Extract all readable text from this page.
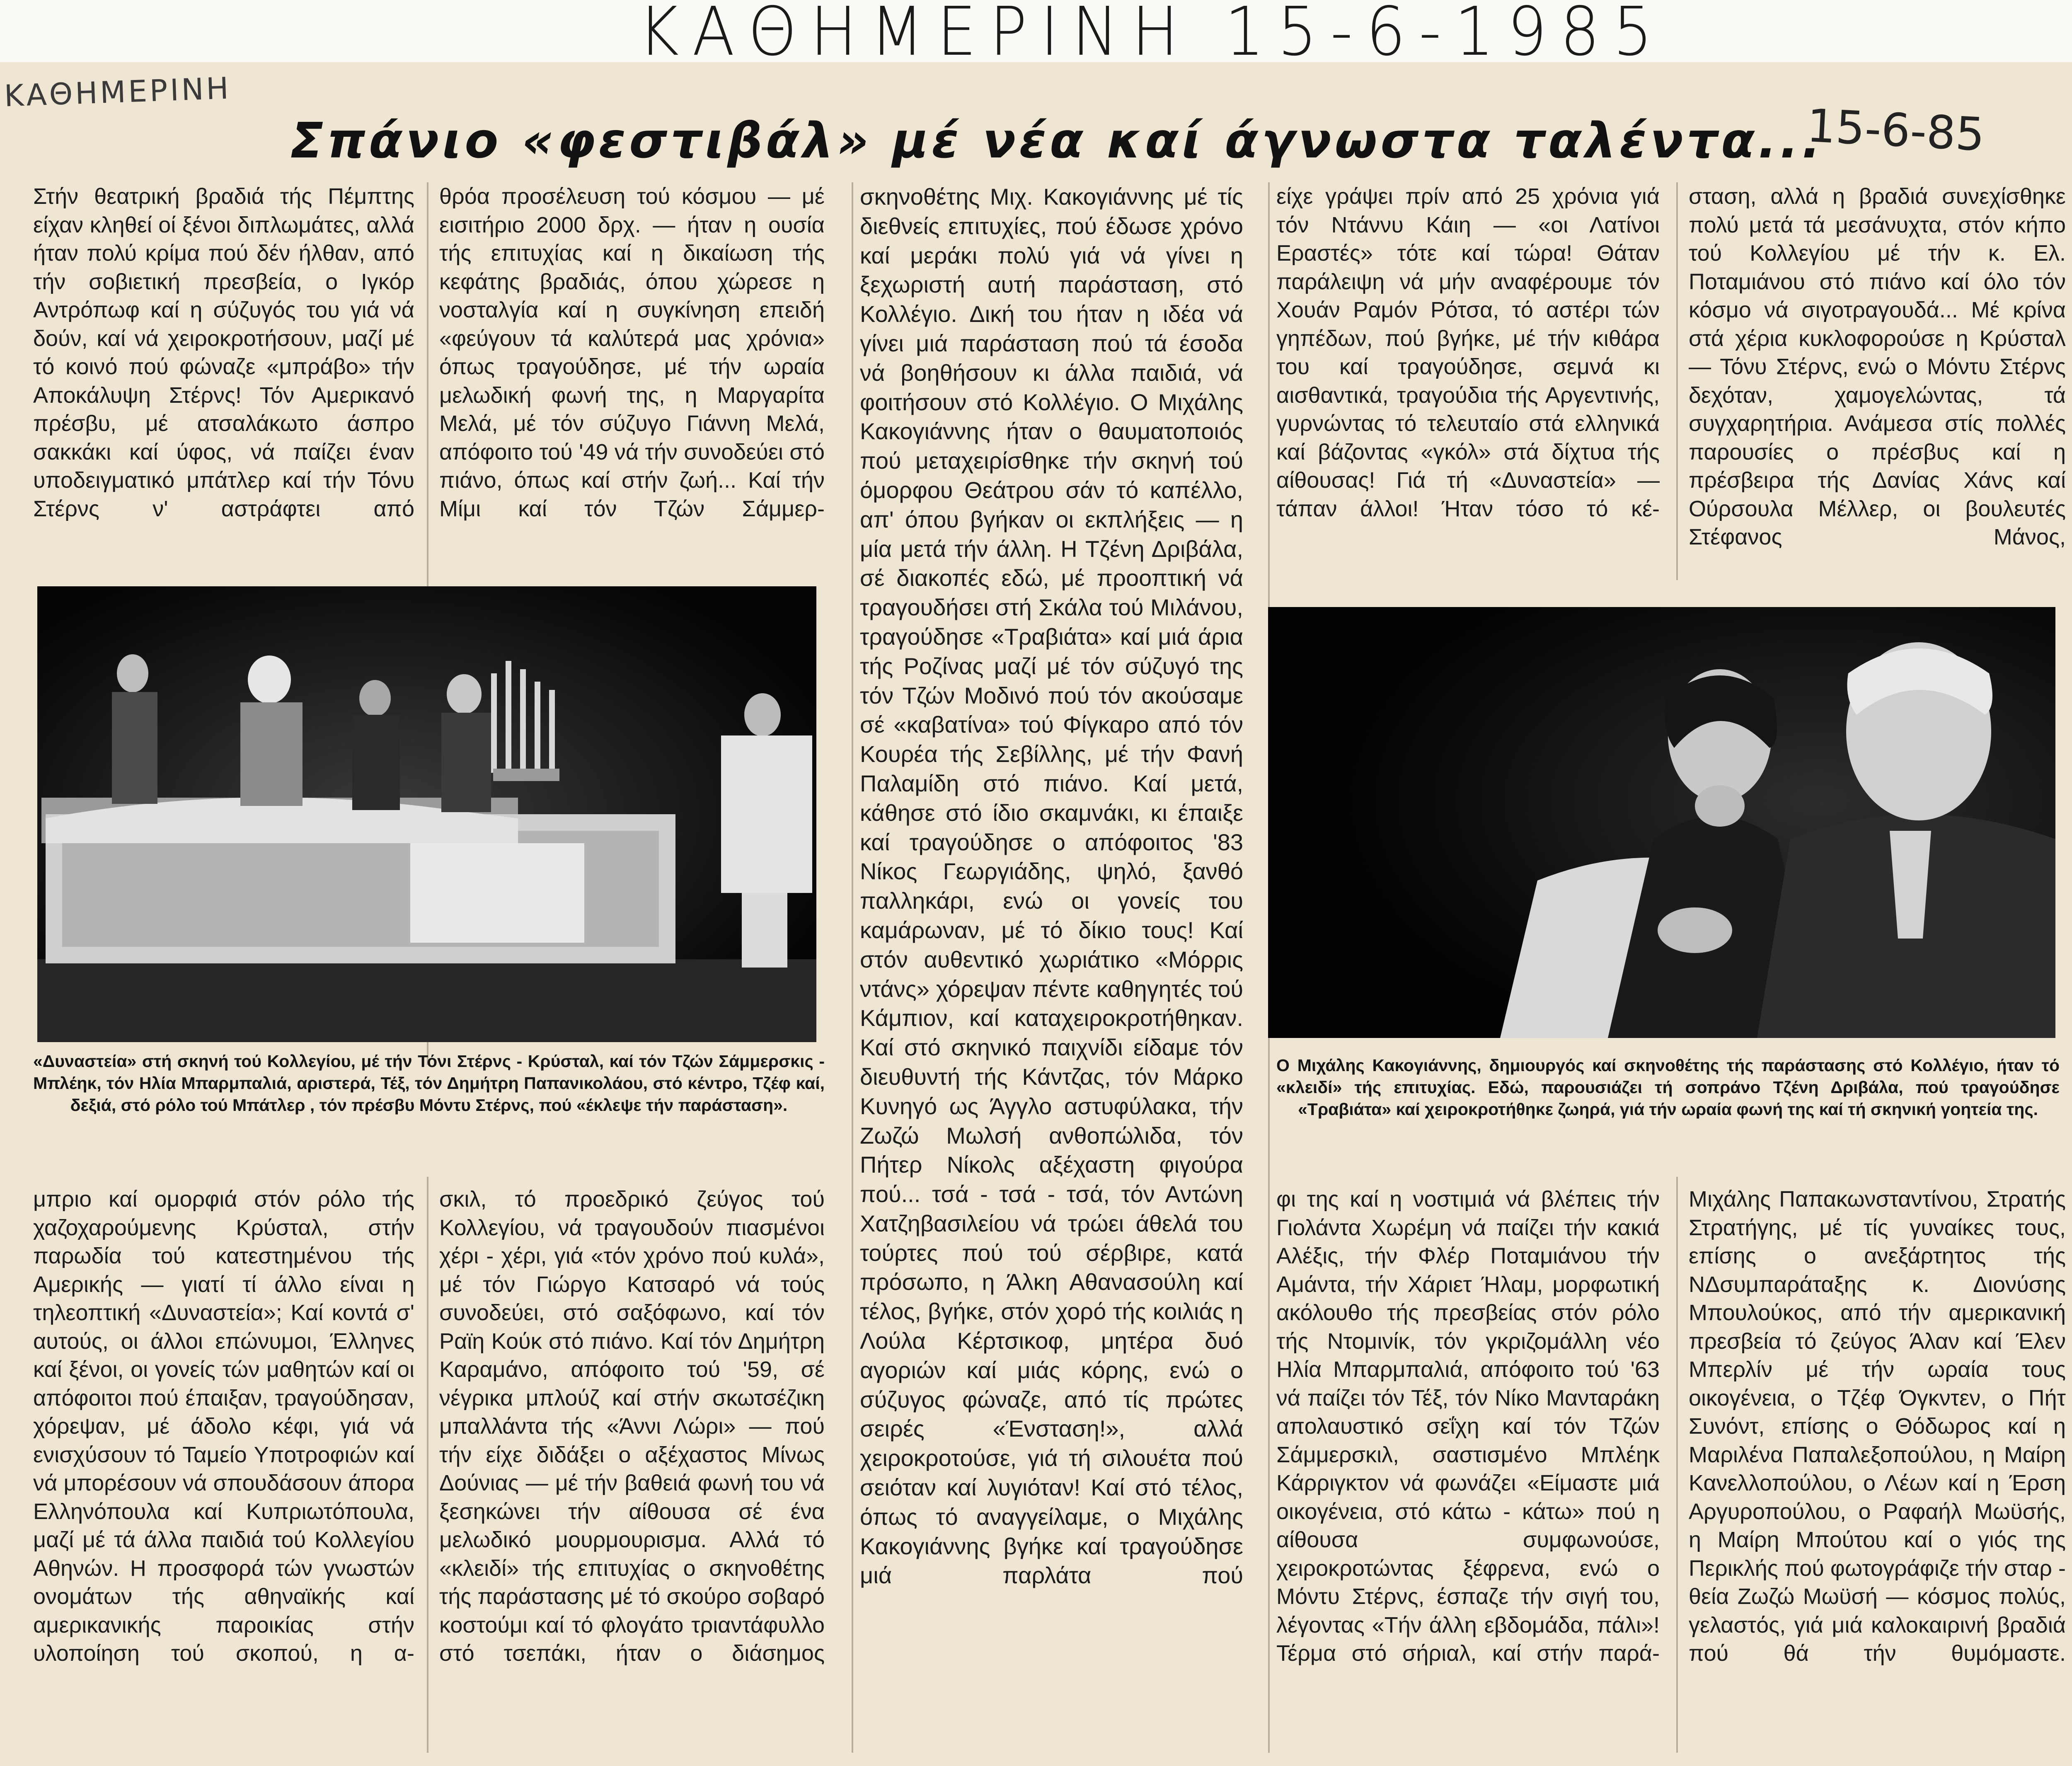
ΚΑΘΗΜΕΡΙΝΗ 15-6-1985
ΚΑΘΗΜΕΡΙΝΗ
15-6-85
Σπάνιο «φεστιβάλ» μέ νέα καί άγνωστα ταλέντα...

Στήν θεατρική βραδιά τής Πέμπτης είχαν κληθεί οί ξένοι διπλωμάτες, αλλά ήταν πολύ κρίμα πού δέν ήλθαν, από τήν σοβιετική πρεσβεία, ο Ιγκόρ Αντρόπωφ καί η σύζυγός του γιά νά δούν, καί νά χειροκροτήσουν, μαζί μέ τό κοινό πού φώναζε «μπράβο» τήν Αποκάλυψη Στέρνς! Τόν Αμερικανό πρέσβυ, μέ ατσαλάκωτο άσπρο σακκάκι καί ύφος, νά παίζει έναν υποδειγματικό μπάτλερ καί τήν Τόνυ Στέρνς ν' αστράφτει από

θρόα προσέλευση τού κόσμου — μέ εισιτήριο 2000 δρχ. — ήταν η ουσία τής επιτυχίας καί η δικαίωση τής κεφάτης βραδιάς, όπου χώρεσε η νοσταλγία καί η συγκίνηση επειδή «φεύγουν τά καλύτερά μας χρόνια» όπως τραγούδησε, μέ τήν ωραία μελωδική φωνή της, η Μαργαρίτα Μελά, μέ τόν σύζυγο Γιάννη Μελά, απόφοιτο τού '49 νά τήν συνοδεύει στό πιάνο, όπως καί στήν ζωή... Καί τήν Μίμι καί τόν Τζών Σάμμερ-

σκηνοθέτης Μιχ. Κακογιάννης μέ τίς διεθνείς επιτυχίες, πού έδωσε χρόνο καί μεράκι πολύ γιά νά γίνει η ξεχωριστή αυτή παράσταση, στό Κολλέγιο. Δική του ήταν η ιδέα νά γίνει μιά παράσταση πού τά έσοδα νά βοηθήσουν κι άλλα παιδιά, νά φοιτήσουν στό Κολλέγιο. Ο Μιχάλης Κακογιάννης ήταν ο θαυματοποιός πού μεταχειρίσθηκε τήν σκηνή τού όμορφου Θεάτρου σάν τό καπέλλο, απ' όπου βγήκαν οι εκπλήξεις — η μία μετά τήν άλλη. Η Τζένη Δριβάλα, σέ διακοπές εδώ, μέ προοπτική νά τραγουδήσει στή Σκάλα τού Μιλάνου, τραγούδησε «Τραβιάτα» καί μιά άρια τής Ροζίνας μαζί μέ τόν σύζυγό της τόν Τζών Μοδινό πού τόν ακούσαμε σέ «καβατίνα» τού Φίγκαρο από τόν Κουρέα τής Σεβίλλης, μέ τήν Φανή Παλαμίδη στό πιάνο. Καί μετά, κάθησε στό ίδιο σκαμνάκι, κι έπαιξε καί τραγούδησε ο απόφοιτος '83 Νίκος Γεωργιάδης, ψηλό, ξανθό παλληκάρι, ενώ οι γονείς του καμάρωναν, μέ τό δίκιο τους! Καί στόν αυθεντικό χωριάτικο «Μόρρις ντάνς» χόρεψαν πέντε καθηγητές τού Κάμπιον, καί καταχειροκροτήθηκαν. Καί στό σκηνικό παιχνίδι είδαμε τόν διευθυντή τής Κάντζας, τόν Μάρκο Κυνηγό ως Άγγλο αστυφύλακα, τήν Ζωζώ Μωλσή ανθοπώλιδα, τόν Πήτερ Νίκολς αξέχαστη φιγούρα πού... τσά - τσά - τσά, τόν Αντώνη Χατζηβασιλείου νά τρώει άθελά του τούρτες πού τού σέρβιρε, κατά πρόσωπο, η Άλκη Αθανασούλη καί τέλος, βγήκε, στόν χορό τής κοιλιάς η Λούλα Κέρτσικοφ, μητέρα δυό αγοριών καί μιάς κόρης, ενώ ο σύζυγος φώναζε, από τίς πρώτες σειρές «Ένσταση!», αλλά χειροκροτούσε, γιά τή σιλουέτα πού σειόταν καί λυγιόταν! Καί στό τέλος, όπως τό αναγγείλαμε, ο Μιχάλης Κακογιάννης βγήκε καί τραγούδησε μιά παρλάτα πού

είχε γράψει πρίν από 25 χρόνια γιά τόν Ντάννυ Κάιη — «οι Λατίνοι Εραστές» τότε καί τώρα! Θάταν παράλειψη νά μήν αναφέρουμε τόν Χουάν Ραμόν Ρότσα, τό αστέρι τών γηπέδων, πού βγήκε, μέ τήν κιθάρα του καί τραγούδησε, σεμνά κι αισθαντικά, τραγούδια τής Αργεντινής, γυρνώντας τό τελευταίο στά ελληνικά καί βάζοντας «γκόλ» στά δίχτυα τής αίθουσας! Γιά τή «Δυναστεία» — τάπαν άλλοι! Ήταν τόσο τό κέ-

σταση, αλλά η βραδιά συνεχίσθηκε πολύ μετά τά μεσάνυχτα, στόν κήπο τού Κολλεγίου μέ τήν κ. Ελ. Ποταμιάνου στό πιάνο καί όλο τόν κόσμο νά σιγοτραγουδά... Μέ κρίνα στά χέρια κυκλοφορούσε η Κρύσταλ — Τόνυ Στέρνς, ενώ ο Μόντυ Στέρνς δεχόταν, χαμογελώντας, τά συγχαρητήρια. Ανάμεσα στίς πολλές παρουσίες ο πρέσβυς καί η πρέσβειρα τής Δανίας Χάνς καί Ούρσουλα Μέλλερ, οι βουλευτές Στέφανος Μάνος,

«Δυναστεία» στή σκηνή τού Κολλεγίου, μέ τήν Τόνι Στέρνς - Κρύσταλ, καί τόν Τζών Σάμμερσκις - Μπλέηκ, τόν Ηλία Μπαρμπαλιά, αριστερά, Τέξ, τόν Δημήτρη Παπανικολάου, στό κέντρο, Τζέφ καί, δεξιά, στό ρόλο τού Μπάτλερ , τόν πρέσβυ Μόντυ Στέρνς, πού «έκλεψε τήν παράσταση».

Ο Μιχάλης Κακογιάννης, δημιουργός καί σκηνοθέτης τής παράστασης στό Κολλέγιο, ήταν τό «κλειδί» τής επιτυχίας. Εδώ, παρουσιάζει τή σοπράνο Τζένη Δριβάλα, πού τραγούδησε «Τραβιάτα» καί χειροκροτήθηκε ζωηρά, γιά τήν ωραία φωνή της καί τή σκηνική γοητεία της.

μπριο καί ομορφιά στόν ρόλο τής χαζοχαρούμενης Κρύσταλ, στήν παρωδία τού κατεστημένου τής Αμερικής — γιατί τί άλλο είναι η τηλεοπτική «Δυναστεία»; Καί κοντά σ' αυτούς, οι άλλοι επώνυμοι, Έλληνες καί ξένοι, οι γονείς τών μαθητών καί οι απόφοιτοι πού έπαιξαν, τραγούδησαν, χόρεψαν, μέ άδολο κέφι, γιά νά ενισχύσουν τό Ταμείο Υποτροφιών καί νά μπορέσουν νά σπουδάσουν άπορα Ελληνόπουλα καί Κυπριωτόπουλα, μαζί μέ τά άλλα παιδιά τού Κολλεγίου Αθηνών. Η προσφορά τών γνωστών ονομάτων τής αθηναϊκής καί αμερικανικής παροικίας στήν υλοποίηση τού σκοπού, η α-

σκιλ, τό προεδρικό ζεύγος τού Κολλεγίου, νά τραγουδούν πιασμένοι χέρι - χέρι, γιά «τόν χρόνο πού κυλά», μέ τόν Γιώργο Κατσαρό νά τούς συνοδεύει, στό σαξόφωνο, καί τόν Ραϊη Κούκ στό πιάνο. Καί τόν Δημήτρη Καραμάνο, απόφοιτο τού '59, σέ νέγρικα μπλούζ καί στήν σκωτσέζικη μπαλλάντα τής «Άννι Λώρι» — πού τήν είχε διδάξει ο αξέχαστος Μίνως Δούνιας — μέ τήν βαθειά φωνή του νά ξεσηκώνει τήν αίθουσα σέ ένα μελωδικό μουρμουρισμα. Αλλά τό «κλειδί» τής επιτυχίας ο σκηνοθέτης τής παράστασης μέ τό σκούρο σοβαρό κοστούμι καί τό φλογάτο τριαντάφυλλο στό τσεπάκι, ήταν ο διάσημος

φι της καί η νοστιμιά νά βλέπεις τήν Γιολάντα Χωρέμη νά παίζει τήν κακιά Αλέξις, τήν Φλέρ Ποταμιάνου τήν Αμάντα, τήν Χάριετ Ήλαμ, μορφωτική ακόλουθο τής πρεσβείας στόν ρόλο τής Ντομινίκ, τόν γκριζομάλλη νέο Ηλία Μπαρμπαλιά, απόφοιτο τού '63 νά παίζει τόν Τέξ, τόν Νίκο Μανταράκη απολαυστικό σεΐχη καί τόν Τζών Σάμμερσκιλ, σαστισμένο Μπλέηκ Κάρριγκτον νά φωνάζει «Είμαστε μιά οικογένεια, στό κάτω - κάτω» πού η αίθουσα συμφωνούσε, χειροκροτώντας ξέφρενα, ενώ ο Μόντυ Στέρνς, έσπαζε τήν σιγή του, λέγοντας «Τήν άλλη εβδομάδα, πάλι»! Τέρμα στό σήριαλ, καί στήν παρά-

Μιχάλης Παπακωνσταντίνου, Στρατής Στρατήγης, μέ τίς γυναίκες τους, επίσης ο ανεξάρτητος τής ΝΔσυμπαράταξης κ. Διονύσης Μπουλούκος, από τήν αμερικανική πρεσβεία τό ζεύγος Άλαν καί Έλεν Μπερλίν μέ τήν ωραία τους οικογένεια, ο Τζέφ Όγκντεν, ο Πήτ Συνόντ, επίσης ο Θόδωρος καί η Μαριλένα Παπαλεξοπούλου, η Μαίρη Κανελλοπούλου, ο Λέων καί η Έρση Αργυροπούλου, ο Ραφαήλ Μωϋσής, η Μαίρη Μπούτου καί ο γιός της Περικλής πού φωτογράφιζε τήν σταρ - θεία Ζωζώ Μωϋσή — κόσμος πολύς, γελαστός, γιά μιά καλοκαιρινή βραδιά πού θά τήν θυμόμαστε.
